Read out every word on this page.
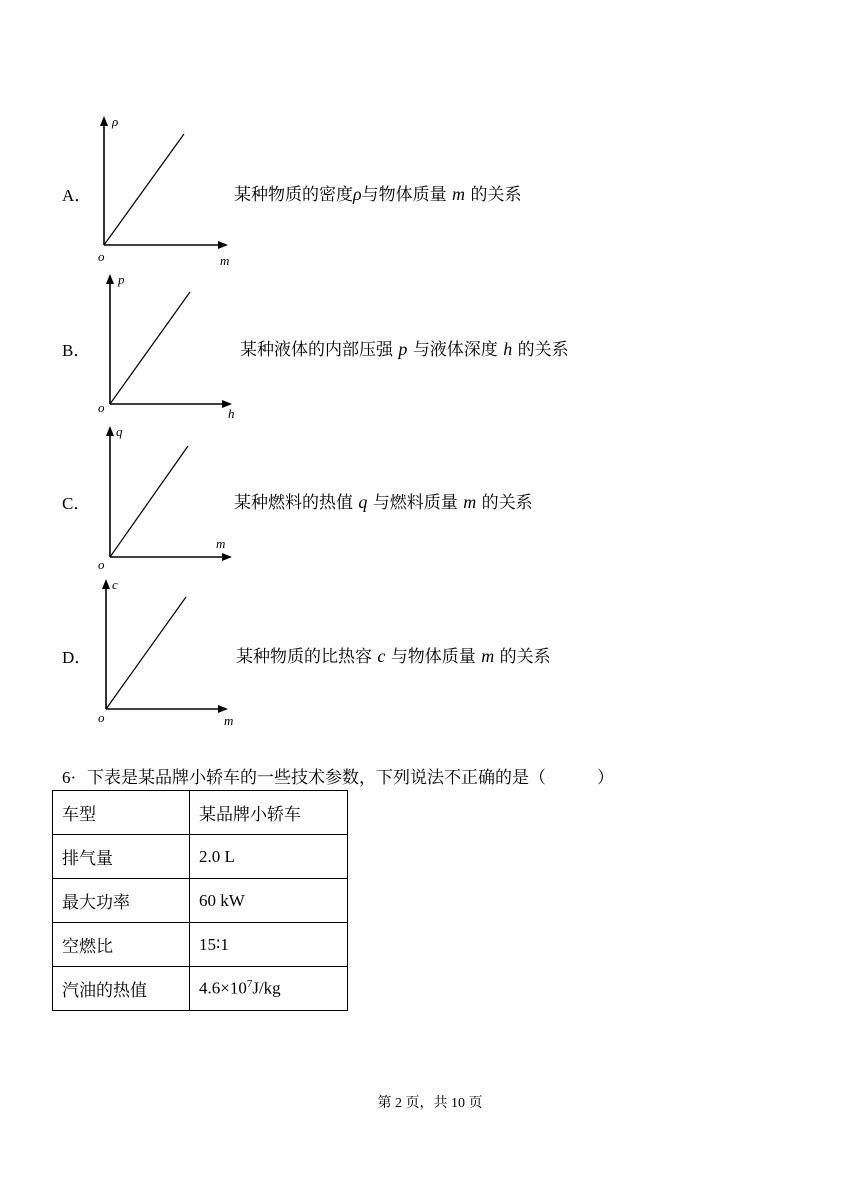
A．
ρ
m
o
某种物质的密度ρ与物体质量 m 的关系
B．
p
h
o
某种液体的内部压强 p 与液体深度 h 的关系
C．
q
m
o
某种燃料的热值 q 与燃料质量 m 的关系
D．
c
m
o
某种物质的比热容 c 与物体质量 m 的关系
6· 下表是某品牌小轿车的一些技术参数，下列说法不正确的是（　　　）
车型	某品牌小轿车
排气量	2.0 L
最大功率	60 kW
空燃比	15∶1
汽油的热值	$4.6\times 10^7J/kg$
第 2 页，共 10 页
